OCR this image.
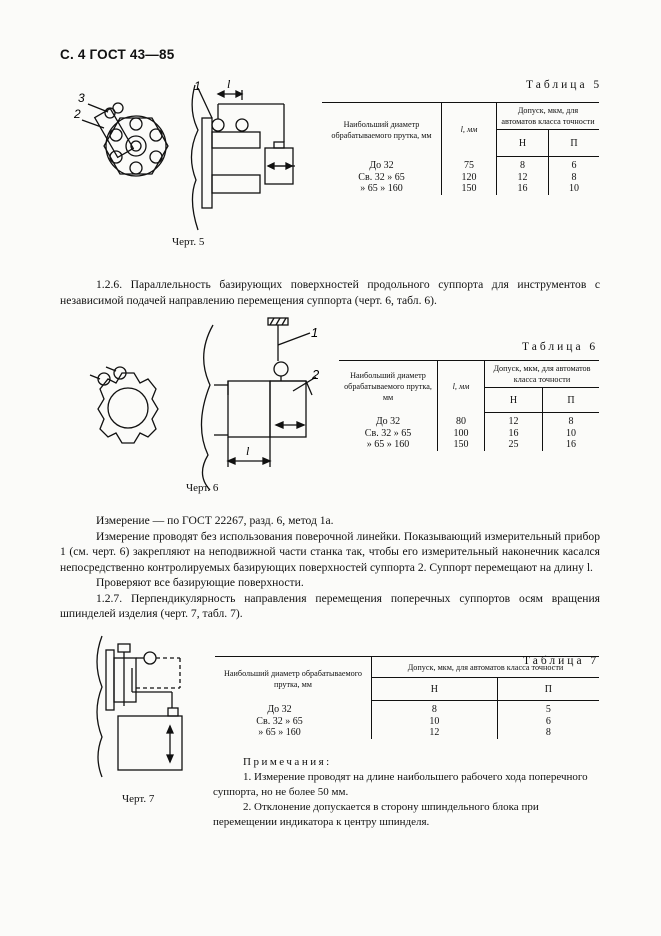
С. 4 ГОСТ 43—85
3
2
1 l
Черт. 5
Таблица 5
Наибольший диаметр обрабатываемого прутка, мм	l, мм	Допуск, мкм, для автоматов класса точности	
		Н	П
До 32	75	8	6
Св. 32 » 65	120	12	8
» 65 » 160	150	16	10

1.2.6. Параллельность базирующих поверхностей продольного суппорта для инструментов с независимой подачей направлению перемещения суппорта (черт. 6, табл. 6).

1
2
l
Черт. 6
Таблица 6
Наибольший диаметр обрабатываемого прутка, мм	l, мм	Допуск, мкм, для автоматов класса точности	
		Н	П
До 32	80	12	8
Св. 32 » 65	100	16	10
» 65 » 160	150	25	16

Измерение — по ГОСТ 22267, разд. 6, метод 1а.

Измерение проводят без использования поверочной линейки. Показывающий измерительный прибор 1 (см. черт. 6) закрепляют на неподвижной части станка так, чтобы его измерительный наконечник касался непосредственно контролируемых базирующих поверхностей суппорта 2. Суппорт перемещают на длину l.

Проверяют все базирующие поверхности.

1.2.7. Перпендикулярность направления перемещения поперечных суппортов осям вращения шпинделей изделия (черт. 7, табл. 7).

Черт. 7
Таблица 7
Наибольший диаметр обрабатываемого прутка, мм	Допуск, мкм, для автоматов класса точности	
	Н	П
До 32	8	5
Св. 32 » 65	10	6
» 65 » 160	12	8
Примечания:
1. Измерение проводят на длине наибольшего рабочего хода поперечного суппорта, но не более 50 мм.
2. Отклонение допускается в сторону шпиндельного блока при перемещении индикатора к центру шпинделя.
